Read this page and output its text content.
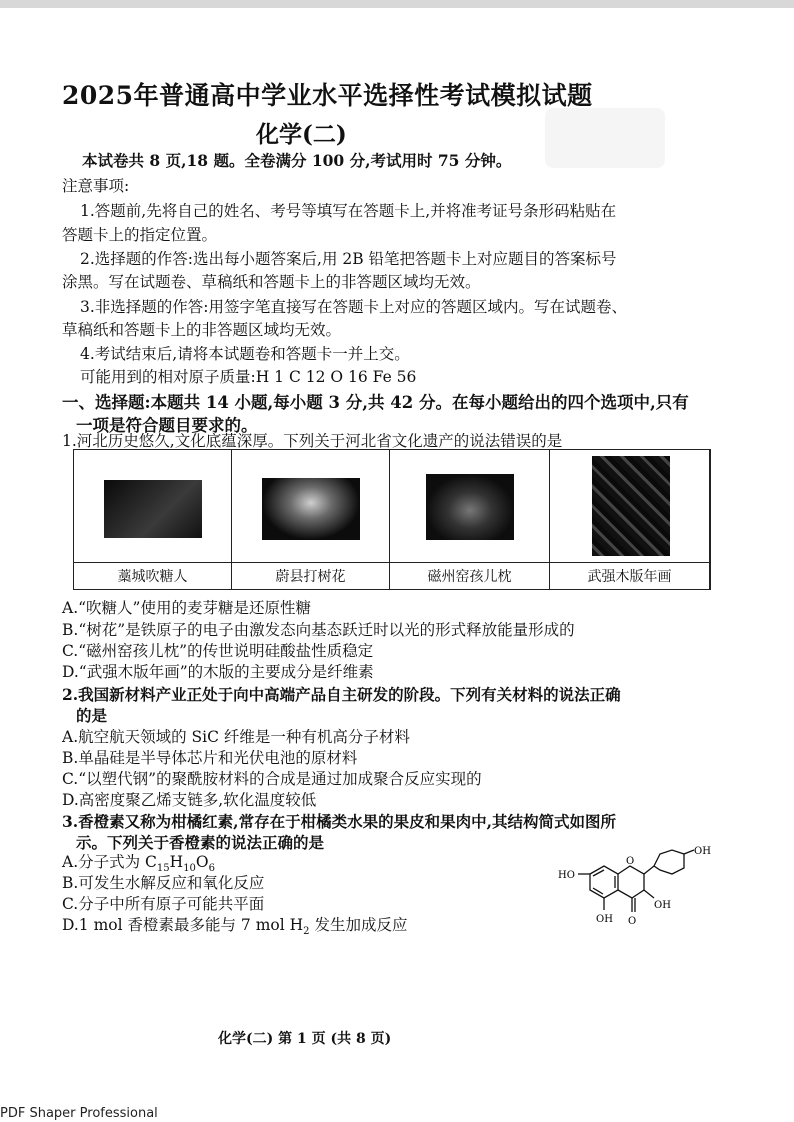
2025年普通高中学业水平选择性考试模拟试题
化学(二)
本试卷共 8 页,18 题。全卷满分 100 分,考试用时 75 分钟。
注意事项:
1.答题前,先将自己的姓名、考号等填写在答题卡上,并将准考证号条形码粘贴在
答题卡上的指定位置。
2.选择题的作答:选出每小题答案后,用 2B 铅笔把答题卡上对应题目的答案标号
涂黑。写在试题卷、草稿纸和答题卡上的非答题区域均无效。
3.非选择题的作答:用签字笔直接写在答题卡上对应的答题区域内。写在试题卷、
草稿纸和答题卡上的非答题区域均无效。
4.考试结束后,请将本试题卷和答题卡一并上交。
可能用到的相对原子质量:H 1 C 12 O 16 Fe 56
一、选择题:本题共 14 小题,每小题 3 分,共 42 分。在每小题给出的四个选项中,只有
一项是符合题目要求的。
1.河北历史悠久,文化底蕴深厚。下列关于河北省文化遗产的说法错误的是
藁城吹糖人	蔚县打树花	磁州窑孩儿枕	武强木版年画
A.“吹糖人”使用的麦芽糖是还原性糖
B.“树花”是铁原子的电子由激发态向基态跃迁时以光的形式释放能量形成的
C.“磁州窑孩儿枕”的传世说明硅酸盐性质稳定
D.“武强木版年画”的木版的主要成分是纤维素
2.我国新材料产业正处于向中高端产品自主研发的阶段。下列有关材料的说法正确
的是
A.航空航天领域的 SiC 纤维是一种有机高分子材料
B.单晶硅是半导体芯片和光伏电池的原材料
C.“以塑代钢”的聚酰胺材料的合成是通过加成聚合反应实现的
D.高密度聚乙烯支链多,软化温度较低
3.香橙素又称为柑橘红素,常存在于柑橘类水果的果皮和果肉中,其结构简式如图所
示。下列关于香橙素的说法正确的是
A.分子式为 $C_{15}H_{10}O_6$
B.可发生水解反应和氧化反应
C.分子中所有原子可能共平面
D.1 mol 香橙素最多能与 7 mol $H_2$ 发生加成反应
OH
HO
O
OH O
OH
化学(二) 第 1 页 (共 8 页)
PDF Shaper Professional
